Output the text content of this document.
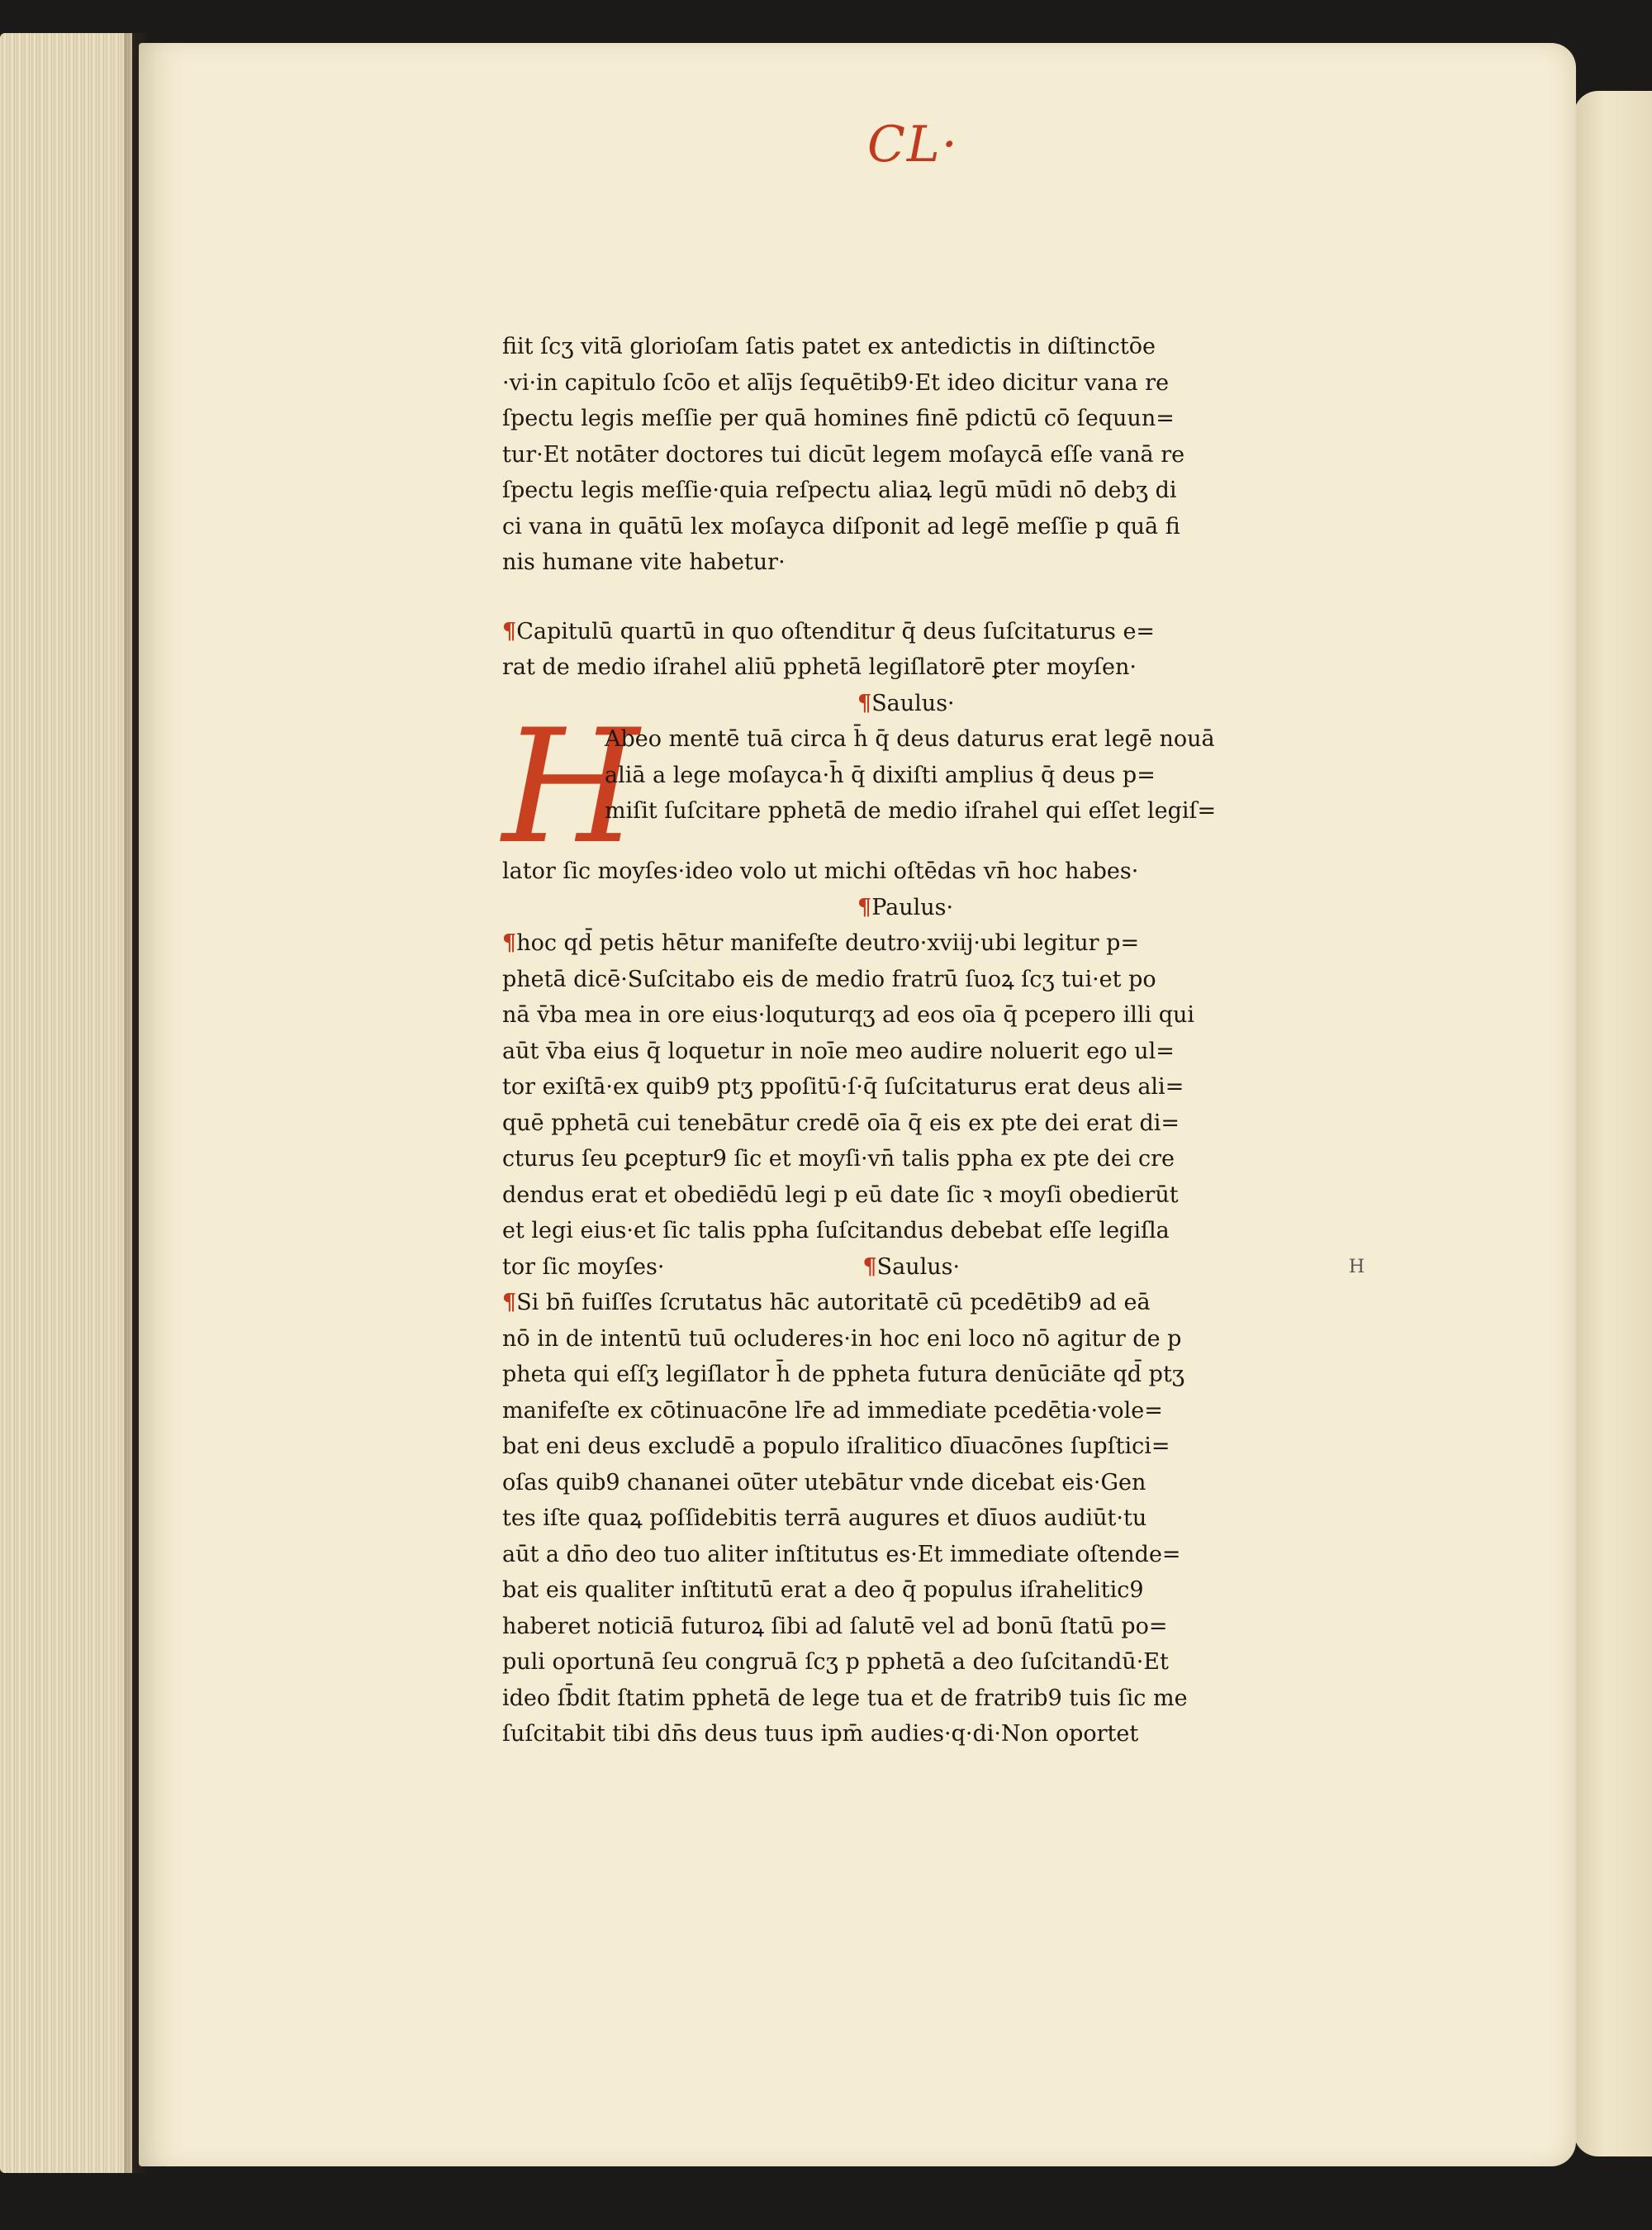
CL·
fiit ſcʒ vitā glorioſam ſatis patet ex antedictis in diſtinctōe
·vi·in capitulo ſcōo et alījs ſequētib9·Et ideo dicitur vana re
ſpectu legis meſſie per quā homines finē pdictū cō ſequun=
tur·Et notāter doctores tui dicūt legem moſaycā eſſe vanā re
ſpectu legis meſſie·quia reſpectu aliaꝝ legū mūdi nō debʒ di
ci vana in quātū lex moſayca diſponit ad legē meſſie p quā fi
nis humane vite habetur·
¶Capitulū quartū in quo oſtenditur q̄ deus ſuſcitaturus e=
rat de medio iſrahel aliū pphetā legiſlatorē ꝑter moyſen·
¶Saulus·
H
Abeo mentē tuā circa h̄ q̄ deus daturus erat legē nouā
aliā a lege moſayca·h̄ q̄ dixiſti amplius q̄ deus p=
miſit ſuſcitare pphetā de medio iſrahel qui eſſet legiſ=
lator ſic moyſes·ideo volo ut michi oſtēdas vn̄ hoc habes·
¶Paulus·
¶hoc qd̄ petis hētur manifeſte deutro·xviij·ubi legitur p=
phetā dicē·Suſcitabo eis de medio fratrū ſuoꝝ ſcʒ tui·et po
nā v̄ba mea in ore eius·loquturqʒ ad eos oīa q̄ pcepero illi qui
aūt v̄ba eius q̄ loquetur in noīe meo audire noluerit ego ul=
tor exiſtā·ex quib9 ptʒ ppoſitū·ſ·q̄ ſuſcitaturus erat deus ali=
quē pphetā cui tenebātur credē oīa q̄ eis ex pte dei erat di=
cturus ſeu ꝑceptur9 ſic et moyſi·vn̄ talis ppha ex pte dei cre
dendus erat et obediēdū legi p eū date ſic ꝛ moyſi obedierūt
et legi eius·et ſic talis ppha ſuſcitandus debebat eſſe legiſla
tor ſic moyſes·	¶Saulus·	H
¶Si bn̄ fuiſſes ſcrutatus hāc autoritatē cū pcedētib9 ad eā
nō in de intentū tuū ocluderes·in hoc eni loco nō agitur de p
pheta qui eſſʒ legiſlator h̄ de ppheta futura denūciāte qd̄ ptʒ
manifeſte ex cōtinuacōne lr̄e ad immediate pcedētia·vole=
bat eni deus excludē a populo iſralitico dīuacōnes ſupſtici=
oſas quib9 chananei oūter utebātur vnde dicebat eis·Gen
tes iſte quaꝝ poſſidebitis terrā augures et dīuos audiūt·tu
aūt a dn̄o deo tuo aliter inſtitutus es·Et immediate oſtende=
bat eis qualiter inſtitutū erat a deo q̄ populus iſrahelitic9
haberet noticiā futuroꝝ ſibi ad ſalutē vel ad bonū ſtatū po=
puli oportunā ſeu congruā ſcʒ p pphetā a deo ſuſcitandū·Et
ideo ſb̄dit ſtatim pphetā de lege tua et de fratrib9 tuis ſic me
ſuſcitabit tibi dn̄s deus tuus ipm̄ audies·q·di·Non oportet
